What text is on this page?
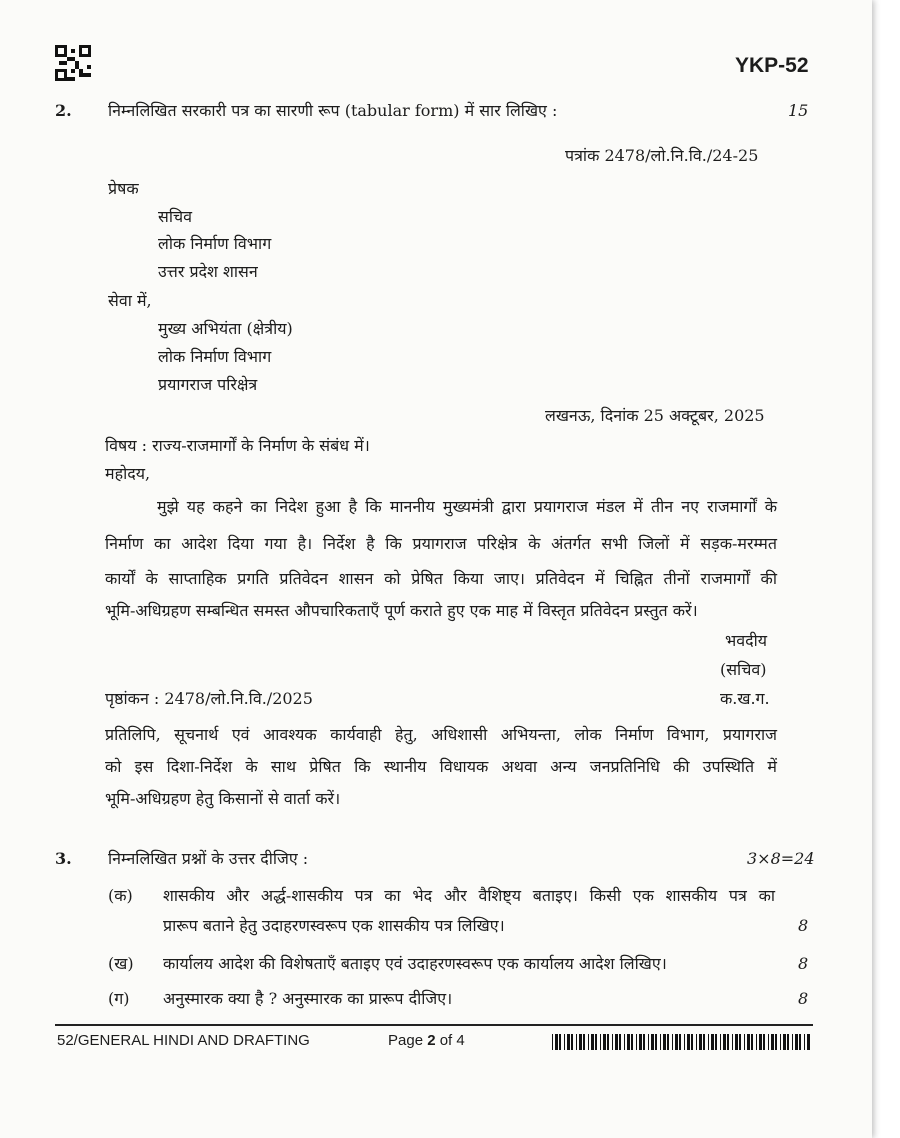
YKP-52
2. निम्नलिखित सरकारी पत्र का सारणी रूप (tabular form) में सार लिखिए :	15
पत्रांक 2478/लो.नि.वि./24-25
प्रेषक
सचिव
लोक निर्माण विभाग
उत्तर प्रदेश शासन
सेवा में,
मुख्य अभियंता (क्षेत्रीय)
लोक निर्माण विभाग
प्रयागराज परिक्षेत्र
लखनऊ, दिनांक 25 अक्टूबर, 2025
विषय : राज्य-राजमार्गों के निर्माण के संबंध में।
महोदय,
मुझे यह कहने का निदेश हुआ है कि माननीय मुख्यमंत्री द्वारा प्रयागराज मंडल में तीन नए राजमार्गों के
निर्माण का आदेश दिया गया है। निर्देश है कि प्रयागराज परिक्षेत्र के अंतर्गत सभी जिलों में सड़क-मरम्मत
कार्यों के साप्ताहिक प्रगति प्रतिवेदन शासन को प्रेषित किया जाए। प्रतिवेदन में चिह्नित तीनों राजमार्गों की
भूमि-अधिग्रहण सम्बन्धित समस्त औपचारिकताएँ पूर्ण कराते हुए एक माह में विस्तृत प्रतिवेदन प्रस्तुत करें।
भवदीय
(सचिव)
पृष्ठांकन : 2478/लो.नि.वि./2025	क.ख.ग.
प्रतिलिपि, सूचनार्थ एवं आवश्यक कार्यवाही हेतु, अधिशासी अभियन्ता, लोक निर्माण विभाग, प्रयागराज
को इस दिशा-निर्देश के साथ प्रेषित कि स्थानीय विधायक अथवा अन्य जनप्रतिनिधि की उपस्थिति में
भूमि-अधिग्रहण हेतु किसानों से वार्ता करें।
3. निम्नलिखित प्रश्नों के उत्तर दीजिए :	3×8=24
(क) शासकीय और अर्द्ध-शासकीय पत्र का भेद और वैशिष्ट्य बताइए। किसी एक शासकीय पत्र का
प्रारूप बताने हेतु उदाहरणस्वरूप एक शासकीय पत्र लिखिए।	8
(ख) कार्यालय आदेश की विशेषताएँ बताइए एवं उदाहरणस्वरूप एक कार्यालय आदेश लिखिए।	8
(ग) अनुस्मारक क्या है ? अनुस्मारक का प्रारूप दीजिए।	8
52/GENERAL HINDI AND DRAFTING	Page 2 of 4
